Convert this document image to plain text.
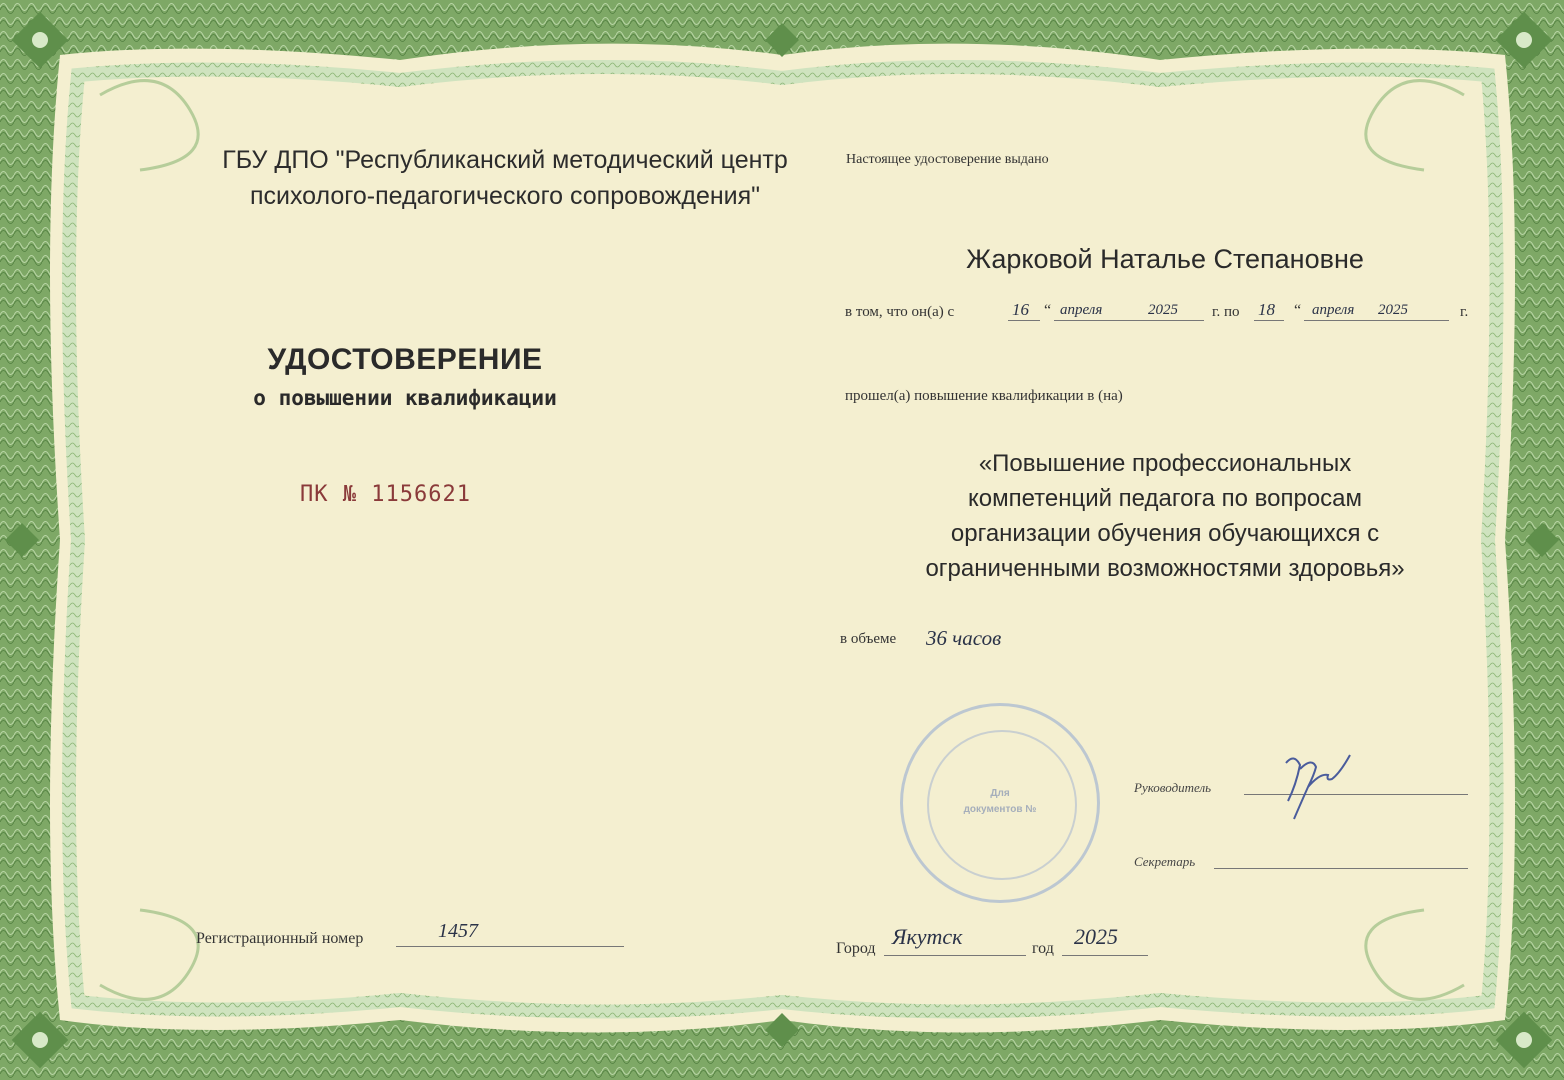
ГБУ ДПО "Республиканский методический центр
психолого-педагогического сопровождения"
УДОСТОВЕРЕНИЕ
о повышении квалификации
ПК № 1156621
Регистрационный номер	1457
Настоящее удостоверение выдано
Жарковой Наталье Степановне
в том, что он(а) с	16 “ апреля	2025 г. по 18 “ апреля 2025	г.
прошел(а) повышение квалификации в (на)
«Повышение профессиональных
компетенций педагога по вопросам
организации обучения обучающихся с
ограниченными возможностями здоровья»
в объеме 36 часов
Для
документов №
Руководитель
Секретарь
Город Якутск	год 2025
